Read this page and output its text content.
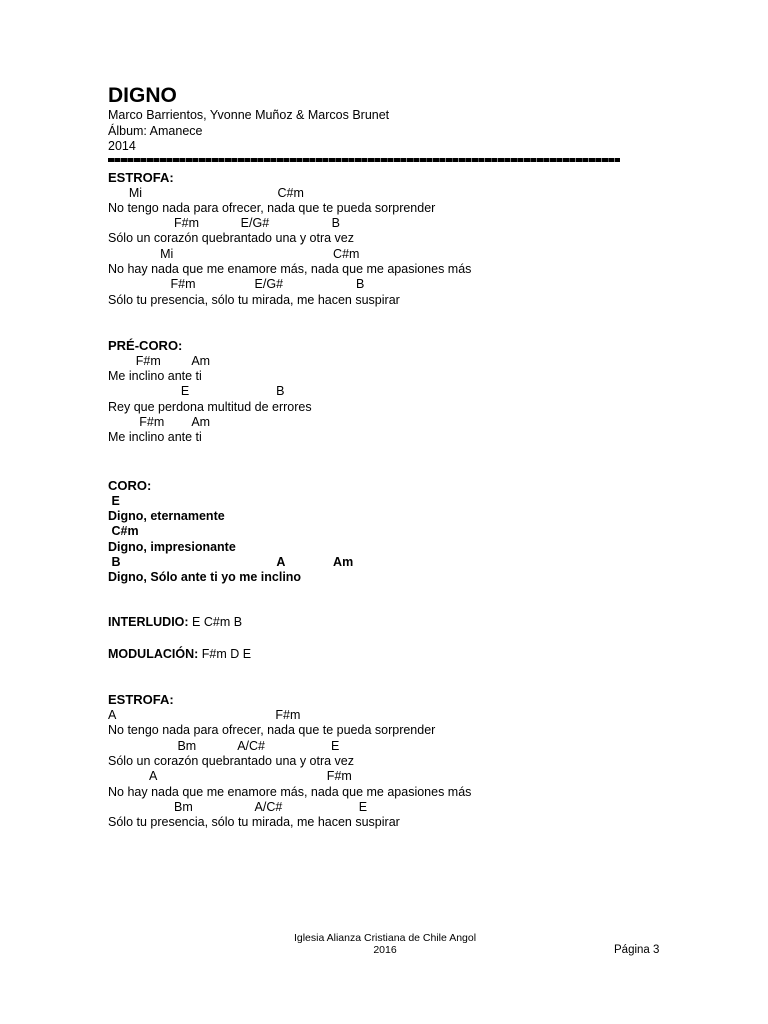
DIGNO
Marco Barrientos, Yvonne Muñoz & Marcos Brunet
Álbum: Amanece
2014
ESTROFA:
Mi                                       C#m
No tengo nada para ofrecer, nada que te pueda sorprender
F#m            E/G#                  B
Sólo un corazón quebrantado una y otra vez
Mi                                              C#m
No hay nada que me enamore más, nada que me apasiones más
F#m                 E/G#                     B
Sólo tu presencia, sólo tu mirada, me hacen suspirar
PRÉ-CORO:
F#m         Am
Me inclino ante ti
E                         B
Rey que perdona multitud de errores
F#m        Am
Me inclino ante ti
CORO:
E
Digno, eternamente
C#m
Digno, impresionante
B                                             A              Am
Digno, Sólo ante ti yo me inclino
INTERLUDIO: E C#m B
MODULACIÓN: F#m D E
ESTROFA:
A                                              F#m
No tengo nada para ofrecer, nada que te pueda sorprender
Bm            A/C#                   E
Sólo un corazón quebrantado una y otra vez
A                                                 F#m
No hay nada que me enamore más, nada que me apasiones más
Bm                  A/C#                      E
Sólo tu presencia, sólo tu mirada, me hacen suspirar
Iglesia Alianza Cristiana de Chile Angol
2016	Página 3
